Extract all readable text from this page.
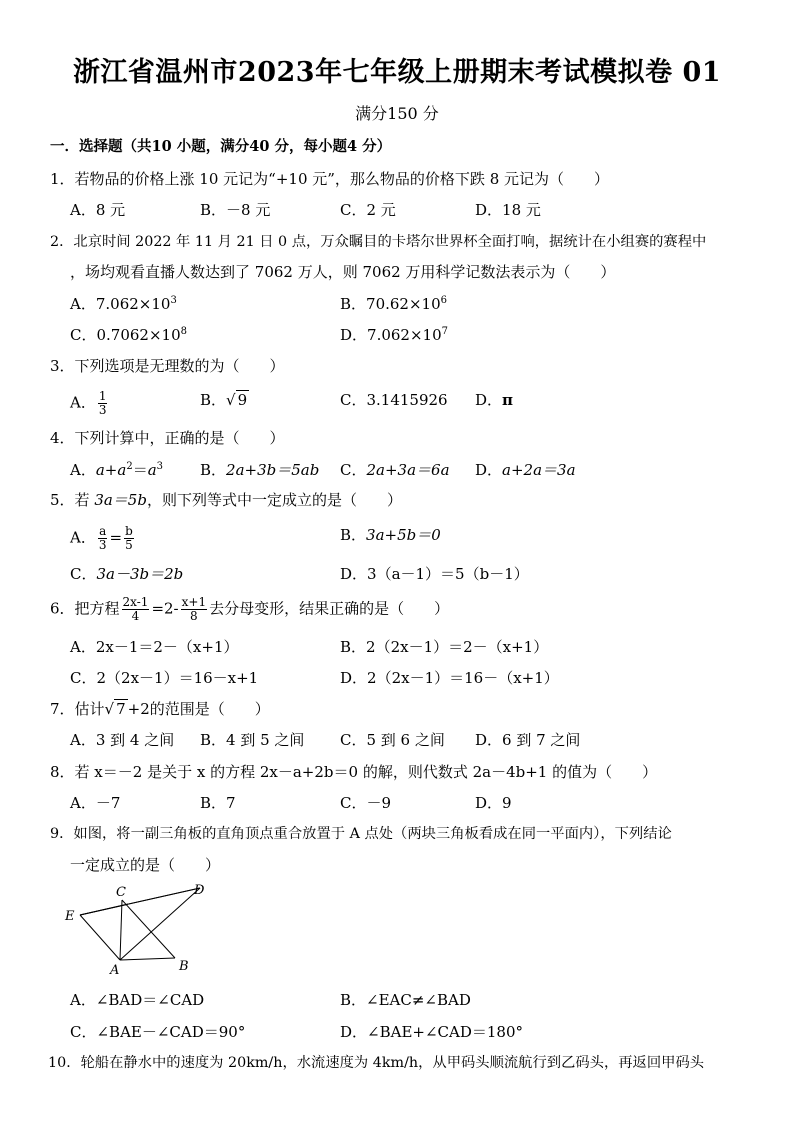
浙江省温州市2023年七年级上册期末考试模拟卷 01
满分150 分
一．选择题（共10 小题，满分40 分，每小题4 分）
1．若物品的价格上涨 10 元记为“+10 元”，那么物品的价格下跌 8 元记为（　　）
A．8 元	B．－8 元	C．2 元	D．18 元
2．北京时间 2022 年 11 月 21 日 0 点，万众瞩目的卡塔尔世界杯全面打响，据统计在小组赛的赛程中
，场均观看直播人数达到了 7062 万人，则 7062 万用科学记数法表示为（　　）
A．$7.062\times 10^3$	B．$70.62\times 10^6$
C．$0.7062\times 10^8$	D．$7.062\times 10^7$
3．下列选项是无理数的为（　　）
A． $\frac{1}{3}$	B．√ 9	C．3.1415926 D．π
4．下列计算中，正确的是（　　）
A．$a+a^2=a^3$ B．2a+3b＝5ab C．2a+3a＝6a D．a+2a＝3a
5．若 3a＝5b，则下列等式中一定成立的是（　　）
A． $\frac{a}{3} = \frac{b}{5}$	B．3a+5b＝0
C．3a－3b＝2b	D．3（a－1）＝5（b－1）
6．把方程 $\frac{2x-1}{4} =2- \frac{x+1}{8}$ 去分母变形，结果正确的是（　　）
A．2x－1＝2－（x+1）	B．2（2x－1）＝2－（x+1）
C．2（2x－1）＝16－x+1	D．2（2x－1）＝16－（x+1）
7．估计√ 7 +2的范围是（　　）
A．3 到 4 之间 B．4 到 5 之间 C．5 到 6 之间 D．6 到 7 之间
8．若 x＝－2 是关于 x 的方程 2x－a+2b＝0 的解，则代数式 2a－4b+1 的值为（　　）
A．－7	B．7	C．－9	D．9
9．如图，将一副三角板的直角顶点重合放置于 A 点处（两块三角板看成在同一平面内），下列结论
一定成立的是（　　）
C	D
E
A	B
A．∠BAD＝∠CAD	B．∠EAC≠∠BAD
C．∠BAE－∠CAD＝90°	D．∠BAE+∠CAD＝180°
10．轮船在静水中的速度为 20km/h，水流速度为 4km/h，从甲码头顺流航行到乙码头，再返回甲码头
